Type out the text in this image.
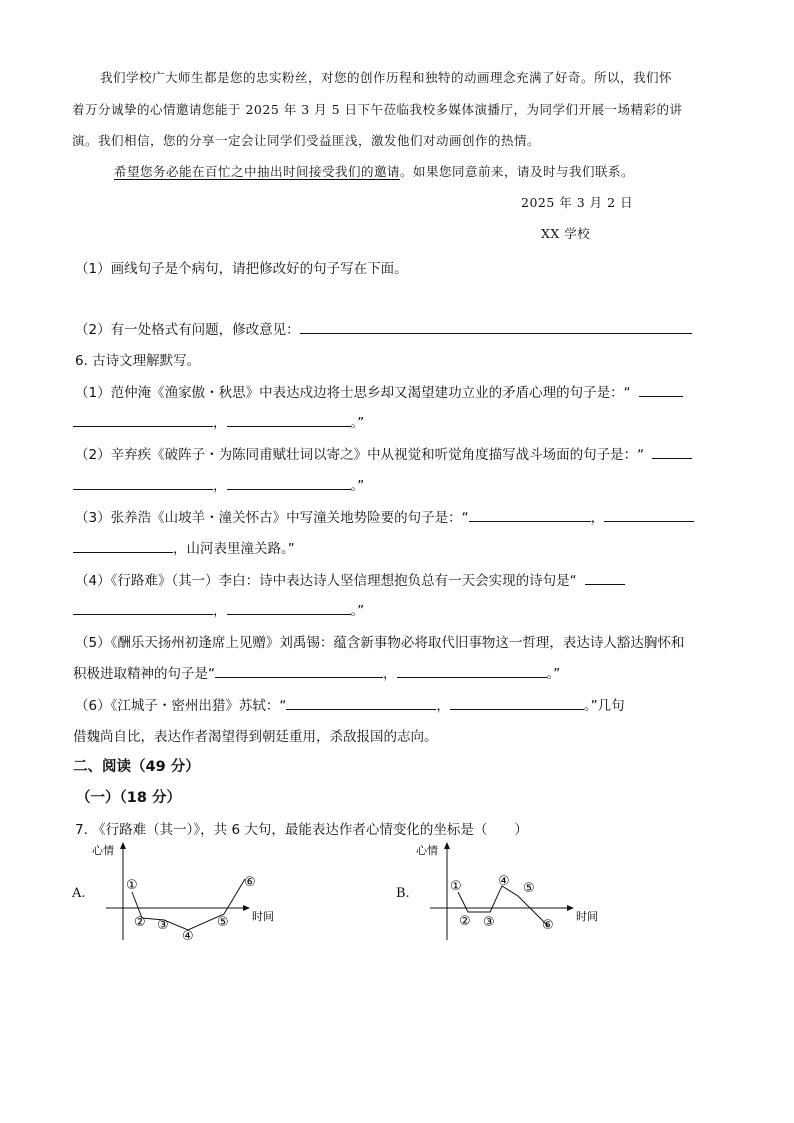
我们学校广大师生都是您的忠实粉丝，对您的创作历程和独特的动画理念充满了好奇。所以，我们怀

着万分诚挚的心情邀请您能于 2025 年 3 月 5 日下午莅临我校多媒体演播厅，为同学们开展一场精彩的讲

演。我们相信，您的分享一定会让同学们受益匪浅，激发他们对动画创作的热情。

希望您务必能在百忙之中抽出时间接受我们的邀请。如果您同意前来，请及时与我们联系。

2025 年 3 月 2 日

XX 学校

（1）画线句子是个病句，请把修改好的句子写在下面。

（2）有一处格式有问题，修改意见：

6. 古诗文理解默写。

（1）范仲淹《渔家傲・秋思》中表达戍边将士思乡却又渴望建功立业的矛盾心理的句子是：“

，	。”

（2）辛弃疾《破阵子・为陈同甫赋壮词以寄之》中从视觉和听觉角度描写战斗场面的句子是：“

，	。”

（3）张养浩《山坡羊・潼关怀古》中写潼关地势险要的句子是：“	，

，山河表里潼关路。”

（4）《行路难》（其一）李白：诗中表达诗人坚信理想抱负总有一天会实现的诗句是“

，	。”

（5）《酬乐天扬州初逢席上见赠》刘禹锡：蕴含新事物必将取代旧事物这一哲理，表达诗人豁达胸怀和

积极进取精神的句子是“	，	。”

（6）《江城子・密州出猎》苏轼：“	，	。”几句

借魏尚自比，表达作者渴望得到朝廷重用，杀敌报国的志向。

二、阅读（49 分）

（一）（18 分）

7. 《行路难（其一）》，共 6 大句，最能表达作者心情变化的坐标是（　　）

A.
心情
时间
①
② ③
④
⑤
⑥
B.
心情
时间
①
② ③
④ ⑤
⑥
